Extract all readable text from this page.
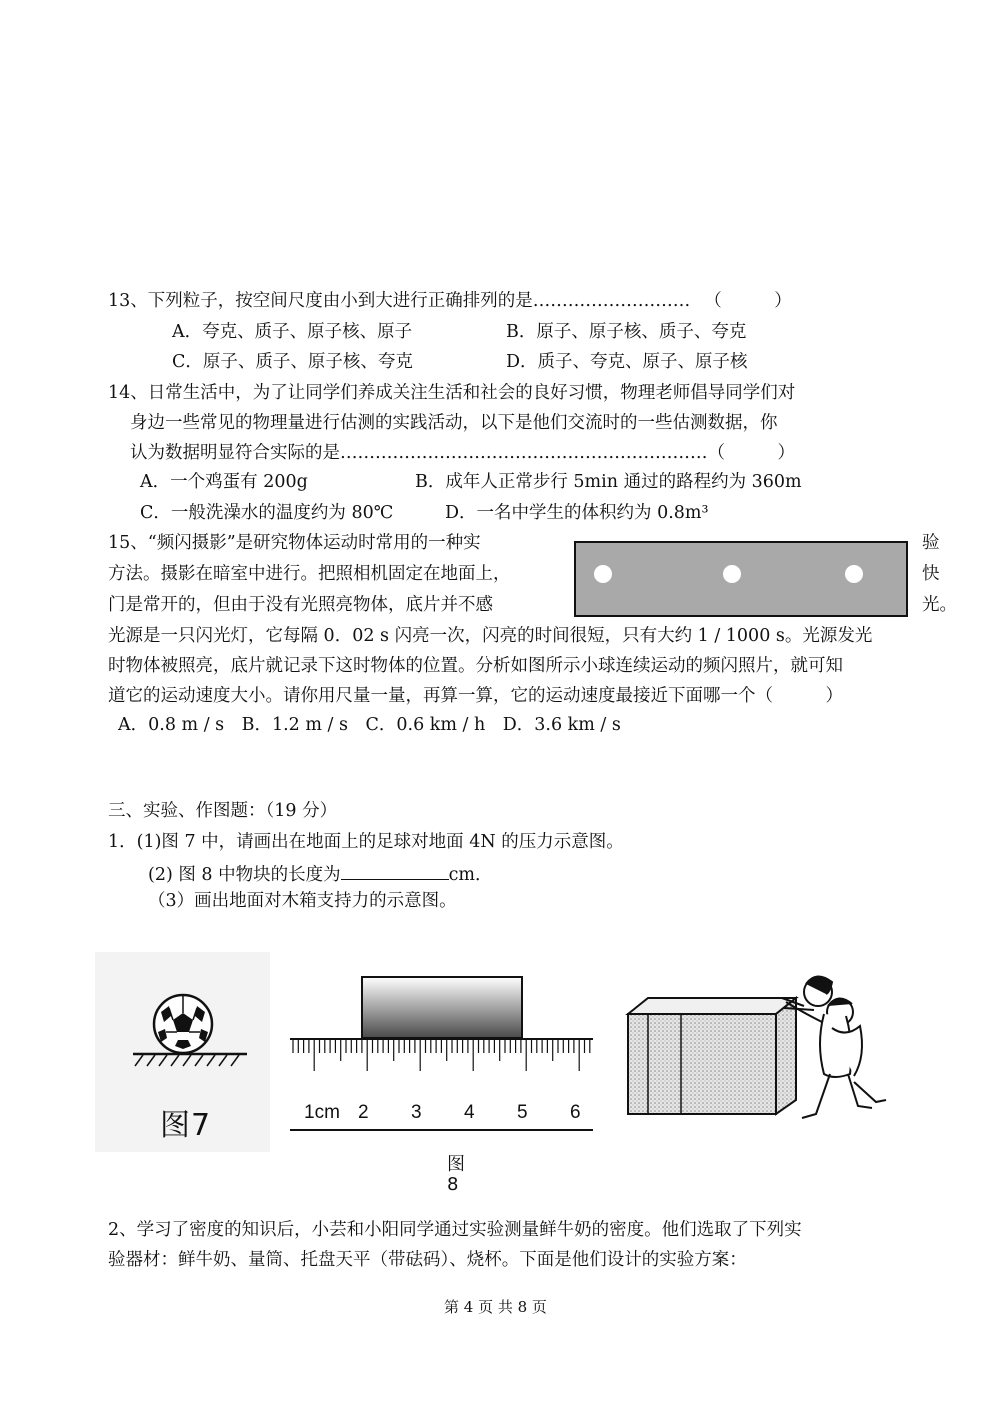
13、下列粒子，按空间尺度由小到大进行正确排列的是……………………… （　　　）
A．夸克、质子、原子核、原子	B．原子、原子核、质子、夸克
C．原子、质子、原子核、夸克	D．质子、夸克、原子、原子核
14、日常生活中，为了让同学们养成关注生活和社会的良好习惯，物理老师倡导同学们对
身边一些常见的物理量进行估测的实践活动，以下是他们交流时的一些估测数据，你
认为数据明显符合实际的是………………………………………………………（　　　）
A．一个鸡蛋有 200g	B．成年人正常步行 5min 通过的路程约为 360m
C．一般洗澡水的温度约为 80℃	D．一名中学生的体积约为 0.8m³
15、“频闪摄影”是研究物体运动时常用的一种实	验
方法。摄影在暗室中进行。把照相机固定在地面上，	快
门是常开的，但由于没有光照亮物体，底片并不感	光。
光源是一只闪光灯，它每隔 0．02 s 闪亮一次，闪亮的时间很短，只有大约 1 / 1000 s。光源发光
时物体被照亮，底片就记录下这时物体的位置。分析如图所示小球连续运动的频闪照片，就可知
道它的运动速度大小。请你用尺量一量，再算一算，它的运动速度最接近下面哪一个（　　　）
A．0.8 m / s　B．1.2 m / s　C．0.6 km / h　D．3.6 km / s
三、实验、作图题：（19 分）
1．(1)图 7 中，请画出在地面上的足球对地面 4N 的压力示意图。
(2) 图 8 中物块的长度为	cm．
（3）画出地面对木箱支持力的示意图。
图7	1cm 2 3 4 5 6
图
8
2、学习了密度的知识后，小芸和小阳同学通过实验测量鲜牛奶的密度。他们选取了下列实
验器材：鲜牛奶、量筒、托盘天平（带砝码）、烧杯。下面是他们设计的实验方案：
第 4 页 共 8 页
